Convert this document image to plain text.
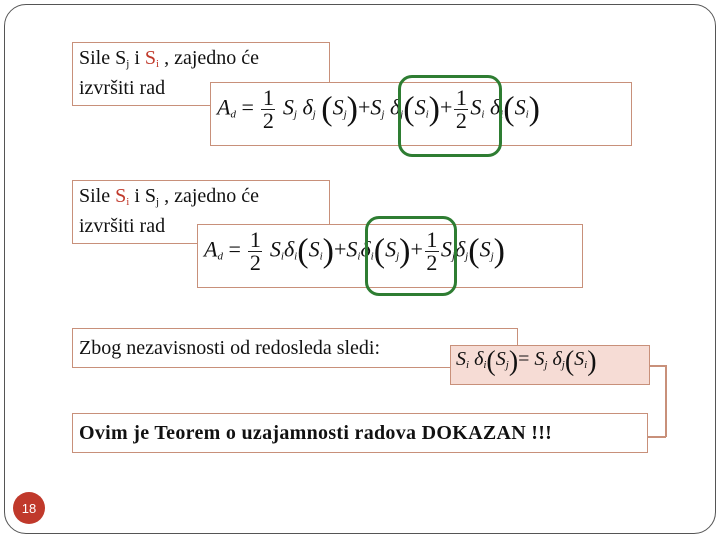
Sile $S_j$ i $S_i$ , zajedno će
izvršiti rad
$A_d = \frac{1}{2} S_j$ $\delta_j$ $(S_j)+S_j$ $\delta_j(S_i)+ \frac{1}{2} S_i$ $\delta_i(S_i)$
Sile $S_i$ i $S_j$ , zajedno će
izvršiti rad
$A_d = \frac{1}{2} S_i\delta_i(S_i)+S_i\delta_i(S_j)+ \frac{1}{2} S_j\delta_j(S_j)$
Zbog nezavisnosti od redosleda sledi:	$S_i$ $\delta_i(S_j)= S_j$ $\delta_j(S_i)$
Ovim je Teorem o uzajamnosti radova DOKAZAN !!!
18
